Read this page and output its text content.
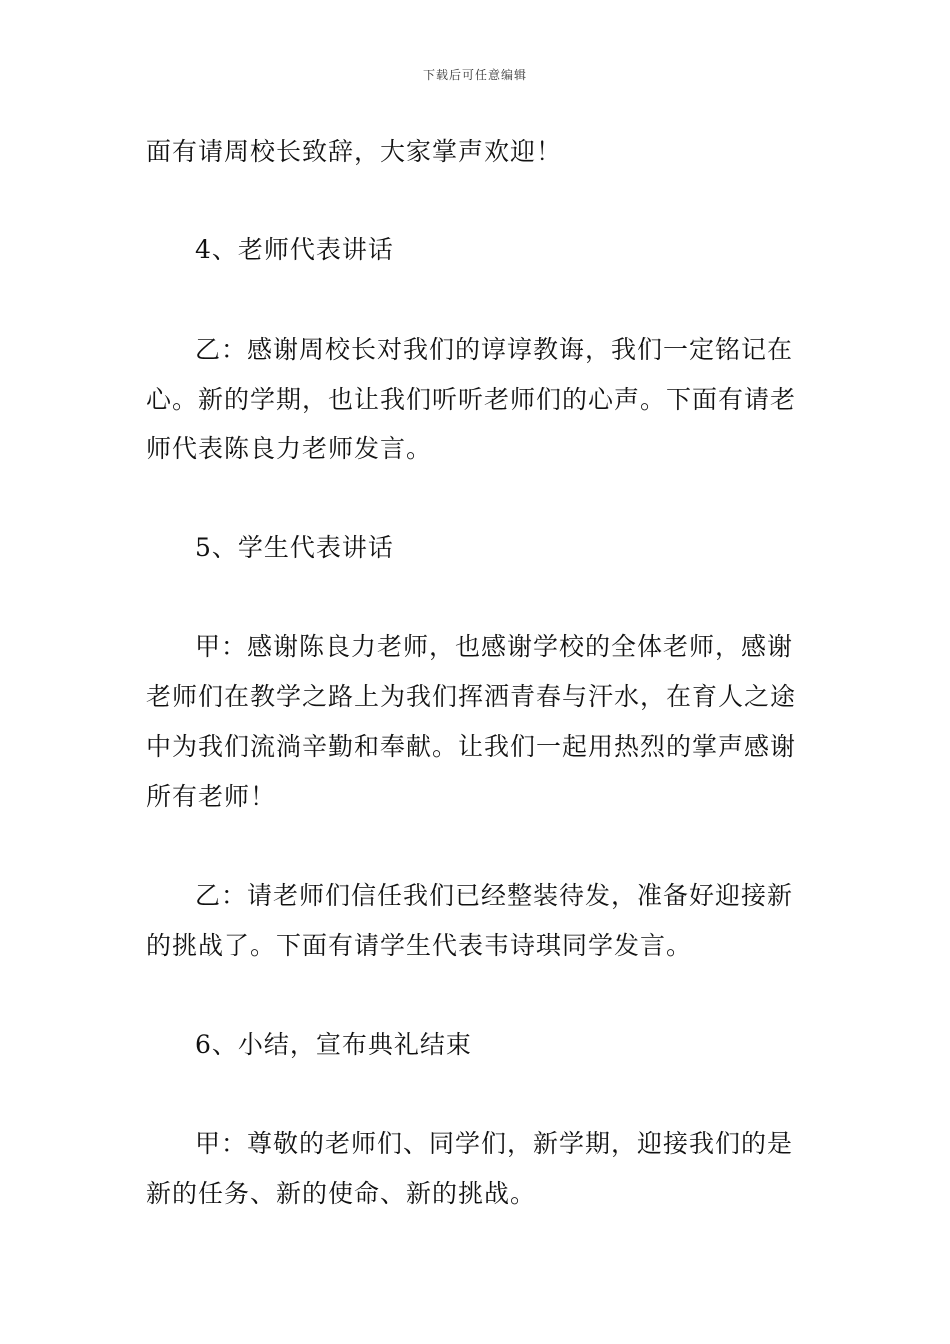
下载后可任意编辑
面有请周校长致辞，大家掌声欢迎！
4、老师代表讲话
乙：感谢周校长对我们的谆谆教诲，我们一定铭记在
心。新的学期，也让我们听听老师们的心声。下面有请老
师代表陈良力老师发言。
5、学生代表讲话
甲：感谢陈良力老师，也感谢学校的全体老师，感谢
老师们在教学之路上为我们挥洒青春与汗水，在育人之途
中为我们流淌辛勤和奉献。让我们一起用热烈的掌声感谢
所有老师！
乙：请老师们信任我们已经整装待发，准备好迎接新
的挑战了。下面有请学生代表韦诗琪同学发言。
6、小结，宣布典礼结束
甲：尊敬的老师们、同学们，新学期，迎接我们的是
新的任务、新的使命、新的挑战。
